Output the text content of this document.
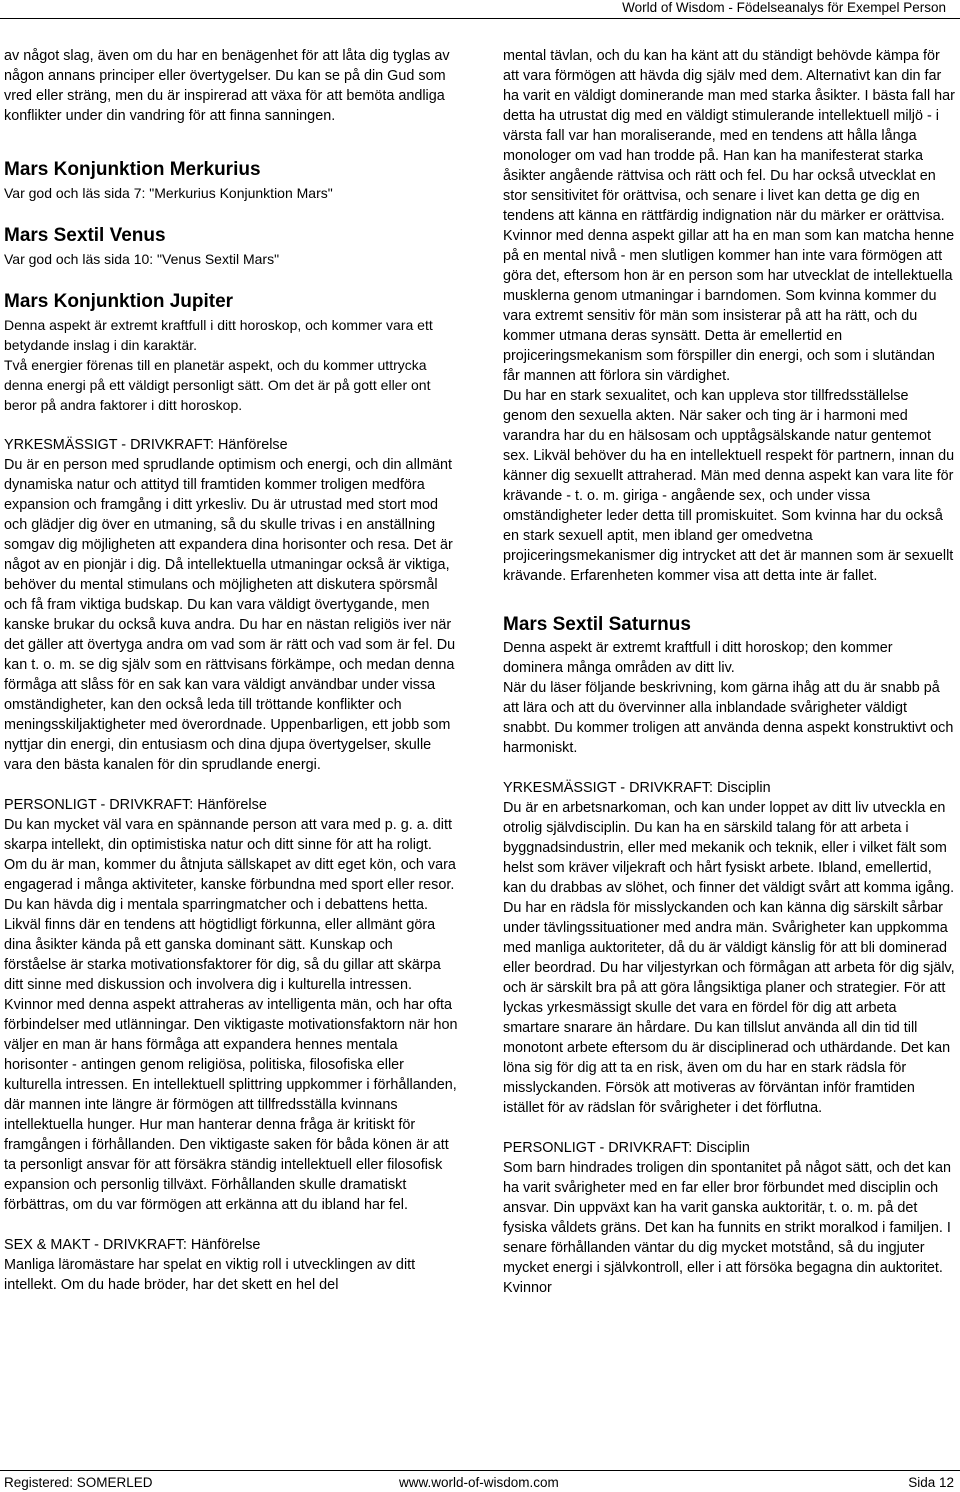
World of Wisdom - Födelseanalys för Exempel Person

av något slag, även om du har en benägenhet för att låta dig tyglas av någon annans principer eller övertygelser. Du kan se på din Gud som vred eller sträng, men du är inspirerad att växa för att bemöta andliga konflikter under din vandring för att finna sanningen.

Mars Konjunktion Merkurius

Var god och läs sida 7: "Merkurius Konjunktion Mars"

Mars Sextil Venus

Var god och läs sida 10: "Venus Sextil Mars"

Mars Konjunktion Jupiter

Denna aspekt är extremt kraftfull i ditt horoskop, och kommer vara ett betydande inslag i din karaktär.

Två energier förenas till en planetär aspekt, och du kommer uttrycka denna energi på ett väldigt personligt sätt. Om det är på gott eller ont beror på andra faktorer i ditt horoskop.

YRKESMÄSSIGT - DRIVKRAFT: Hänförelse

Du är en person med sprudlande optimism och energi, och din allmänt dynamiska natur och attityd till framtiden kommer troligen medföra expansion och framgång i ditt yrkesliv. Du är utrustad med stort mod och glädjer dig över en utmaning, så du skulle trivas i en anställning somgav dig möjligheten att expandera dina horisonter och resa. Det är något av en pionjär i dig. Då intellektuella utmaningar också är viktiga, behöver du mental stimulans och möjligheten att diskutera spörsmål och få fram viktiga budskap. Du kan vara väldigt övertygande, men kanske brukar du också kuva andra. Du har en nästan religiös iver när det gäller att övertyga andra om vad som är rätt och vad som är fel. Du kan t. o. m. se dig själv som en rättvisans förkämpe, och medan denna förmåga att slåss för en sak kan vara väldigt användbar under vissa omständigheter, kan den också leda till tröttande konflikter och meningsskiljaktigheter med överordnade. Uppenbarligen, ett jobb som nyttjar din energi, din entusiasm och dina djupa övertygelser, skulle vara den bästa kanalen för din sprudlande energi.

PERSONLIGT - DRIVKRAFT: Hänförelse

Du kan mycket väl vara en spännande person att vara med p. g. a. ditt skarpa intellekt, din optimistiska natur och ditt sinne för att ha roligt. Om du är man, kommer du åtnjuta sällskapet av ditt eget kön, och vara engagerad i många aktiviteter, kanske förbundna med sport eller resor. Du kan hävda dig i mentala sparringmatcher och i debattens hetta. Likväl finns där en tendens att högtidligt förkunna, eller allmänt göra dina åsikter kända på ett ganska dominant sätt. Kunskap och förståelse är starka motivationsfaktorer för dig, så du gillar att skärpa ditt sinne med diskussion och involvera dig i kulturella intressen.

Kvinnor med denna aspekt attraheras av intelligenta män, och har ofta förbindelser med utlänningar. Den viktigaste motivationsfaktorn när hon väljer en man är hans förmåga att expandera hennes mentala horisonter - antingen genom religiösa, politiska, filosofiska eller kulturella intressen. En intellektuell splittring uppkommer i förhållanden, där mannen inte längre är förmögen att tillfredsställa kvinnans intellektuella hunger. Hur man hanterar denna fråga är kritiskt för framgången i förhållanden. Den viktigaste saken för båda könen är att ta personligt ansvar för att försäkra ständig intellektuell eller filosofisk expansion och personlig tillväxt. Förhållanden skulle dramatiskt förbättras, om du var förmögen att erkänna att du ibland har fel.

SEX & MAKT - DRIVKRAFT: Hänförelse

Manliga läromästare har spelat en viktig roll i utvecklingen av ditt intellekt. Om du hade bröder, har det skett en hel del

mental tävlan, och du kan ha känt att du ständigt behövde kämpa för att vara förmögen att hävda dig själv med dem. Alternativt kan din far ha varit en väldigt dominerande man med starka åsikter. I bästa fall har detta ha utrustat dig med en väldigt stimulerande intellektuell miljö - i värsta fall var han moraliserande, med en tendens att hålla långa monologer om vad han trodde på. Han kan ha manifesterat starka åsikter angående rättvisa och rätt och fel. Du har också utvecklat en stor sensitivitet för orättvisa, och senare i livet kan detta ge dig en tendens att känna en rättfärdig indignation när du märker er orättvisa.

Kvinnor med denna aspekt gillar att ha en man som kan matcha henne på en mental nivå - men slutligen kommer han inte vara förmögen att göra det, eftersom hon är en person som har utvecklat de intellektuella musklerna genom utmaningar i barndomen. Som kvinna kommer du vara extremt sensitiv för män som insisterar på att ha rätt, och du kommer utmana deras synsätt. Detta är emellertid en projiceringsmekanism som förspiller din energi, och som i slutändan får mannen att förlora sin värdighet.

Du har en stark sexualitet, och kan uppleva stor tillfredsställelse genom den sexuella akten. När saker och ting är i harmoni med varandra har du en hälsosam och upptågsälskande natur gentemot sex. Likväl behöver du ha en intellektuell respekt för partnern, innan du känner dig sexuellt attraherad. Män med denna aspekt kan vara lite för krävande - t. o. m. giriga - angående sex, och under vissa omständigheter leder detta till promiskuitet. Som kvinna har du också en stark sexuell aptit, men ibland ger omedvetna projiceringsmekanismer dig intrycket att det är mannen som är sexuellt krävande. Erfarenheten kommer visa att detta inte är fallet.

Mars Sextil Saturnus

Denna aspekt är extremt kraftfull i ditt horoskop; den kommer dominera många områden av ditt liv.

När du läser följande beskrivning, kom gärna ihåg att du är snabb på att lära och att du övervinner alla inblandade svårigheter väldigt snabbt. Du kommer troligen att använda denna aspekt konstruktivt och harmoniskt.

YRKESMÄSSIGT - DRIVKRAFT: Disciplin

Du är en arbetsnarkoman, och kan under loppet av ditt liv utveckla en otrolig självdisciplin. Du kan ha en särskild talang för att arbeta i byggnadsindustrin, eller med mekanik och teknik, eller i vilket fält som helst som kräver viljekraft och hårt fysiskt arbete. Ibland, emellertid, kan du drabbas av slöhet, och finner det väldigt svårt att komma igång. Du har en rädsla för misslyckanden och kan känna dig särskilt sårbar under tävlingssituationer med andra män. Svårigheter kan uppkomma med manliga auktoriteter, då du är väldigt känslig för att bli dominerad eller beordrad. Du har viljestyrkan och förmågan att arbeta för dig själv, och är särskilt bra på att göra långsiktiga planer och strategier. För att lyckas yrkesmässigt skulle det vara en fördel för dig att arbeta smartare snarare än hårdare. Du kan tillslut använda all din tid till monotont arbete eftersom du är disciplinerad och uthärdande. Det kan löna sig för dig att ta en risk, även om du har en stark rädsla för misslyckanden. Försök att motiveras av förväntan inför framtiden istället för av rädslan för svårigheter i det förflutna.

PERSONLIGT - DRIVKRAFT: Disciplin

Som barn hindrades troligen din spontanitet på något sätt, och det kan ha varit svårigheter med en far eller bror förbundet med disciplin och ansvar. Din uppväxt kan ha varit ganska auktoritär, t. o. m. på det fysiska våldets gräns. Det kan ha funnits en strikt moralkod i familjen. I senare förhållanden väntar du dig mycket motstånd, så du ingjuter mycket energi i självkontroll, eller i att försöka begagna din auktoritet. Kvinnor

Registered: SOMERLED	www.world-of-wisdom.com	Sida 12
